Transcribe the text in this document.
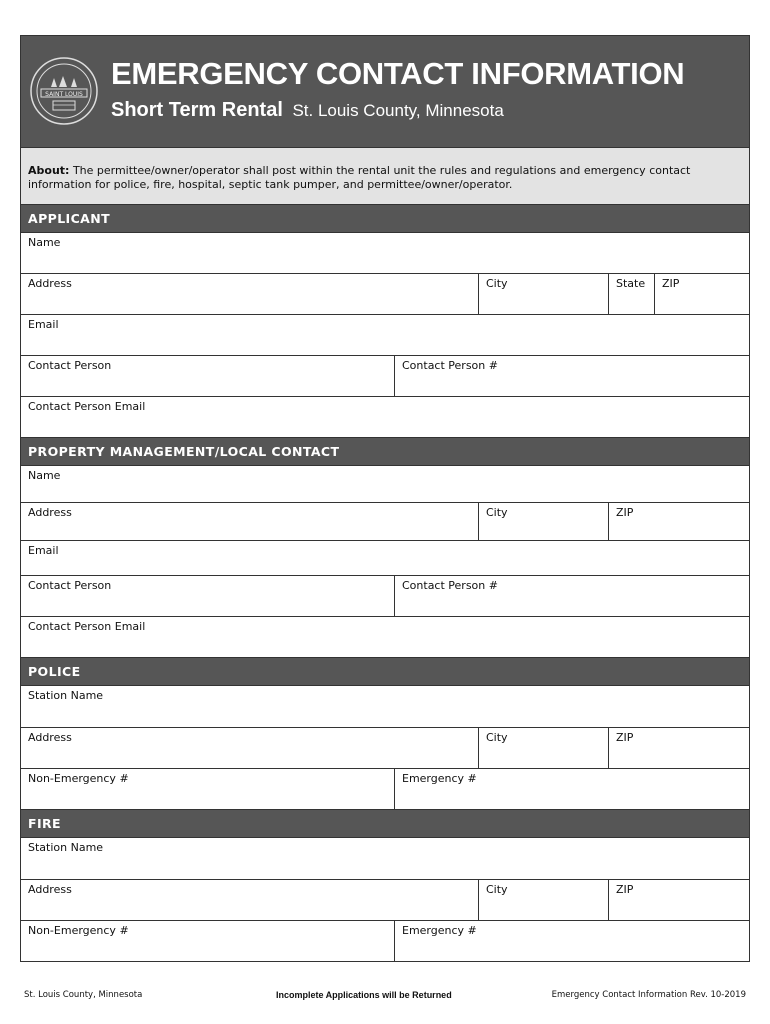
SAINT LOUIS
EMERGENCY CONTACT INFORMATION
Short Term Rental St. Louis County, Minnesota
About: The permittee/owner/operator shall post within the rental unit the rules and regulations and emergency contact information for police, fire, hospital, septic tank pumper, and permittee/owner/operator.
APPLICANT
Name
Address	City	State	ZIP
Email
Contact Person	Contact Person #
Contact Person Email
PROPERTY MANAGEMENT/LOCAL CONTACT
Name
Address	City	ZIP
Email
Contact Person	Contact Person #
Contact Person Email
POLICE
Station Name
Address	City	ZIP
Non-Emergency #	Emergency #
FIRE
Station Name
Address	City	ZIP
Non-Emergency #	Emergency #
St. Louis County, Minnesota	Incomplete Applications will be Returned	Emergency Contact Information Rev. 10-2019
